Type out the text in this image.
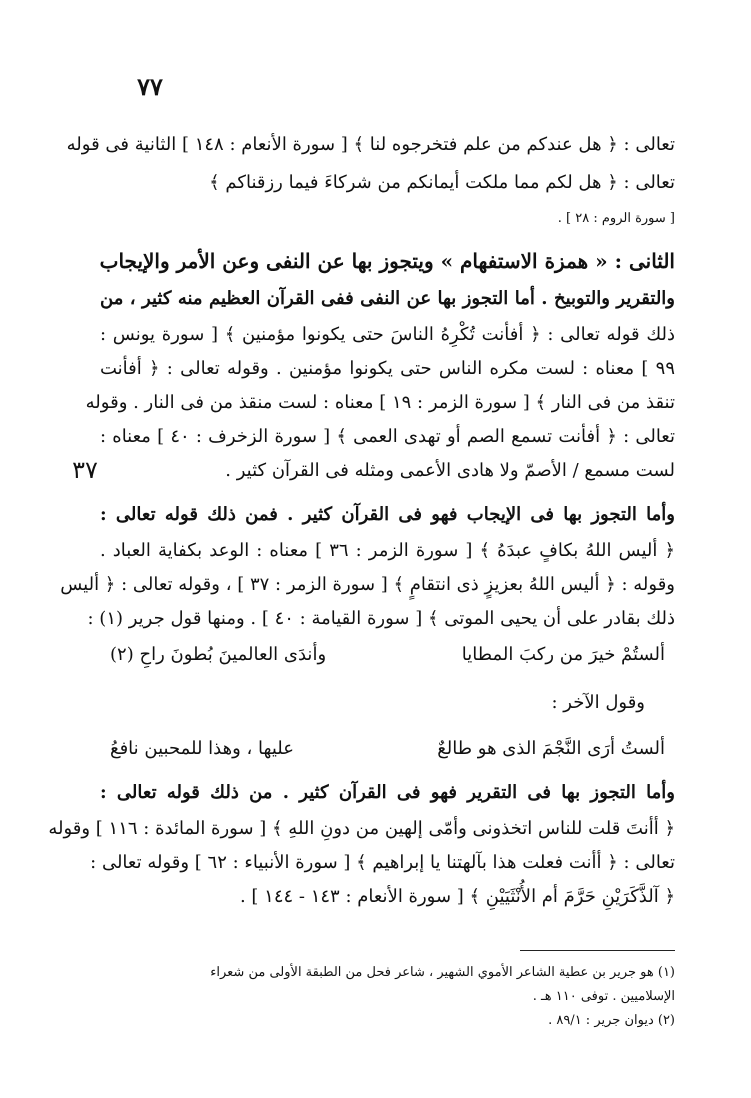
٧٧
٣٧
تعالى : ﴿ هل عندكم من علم فتخرجوه لنا ﴾ [ سورة الأنعام : ١٤٨ ] الثانية فى قوله
تعالى : ﴿ هل لكم مما ملكت أيمانكم من شركاءَ فيما رزقناكم ﴾
[ سورة الروم : ٢٨ ] .
الثانى : « همزة الاستفهام » ويتجوز بها عن النفى وعن الأمر والإيجاب
والتقرير والتوبيخ . أما التجوز بها عن النفى ففى القرآن العظيم منه كثير ، من
ذلك قوله تعالى : ﴿ أفأنت تُكْرِهُ الناسَ حتى يكونوا مؤمنين ﴾ [ سورة يونس :
٩٩ ] معناه : لست مكره الناس حتى يكونوا مؤمنين . وقوله تعالى : ﴿ أفأنت
تنقذ من فى النار ﴾ [ سورة الزمر : ١٩ ] معناه : لست منقذ من فى النار . وقوله
تعالى : ﴿ أفأنت تسمع الصم أو تهدى العمى ﴾ [ سورة الزخرف : ٤٠ ] معناه :
لست مسمع / الأصمّ ولا هادى الأعمى ومثله فى القرآن كثير .
وأما التجوز بها فى الإيجاب فهو فى القرآن كثير . فمن ذلك قوله تعالى :
﴿ أليس اللهُ بكافٍ عبدَهُ ﴾ [ سورة الزمر : ٣٦ ] معناه : الوعد بكفاية العباد .
وقوله : ﴿ أليس اللهُ بعزيزٍ ذى انتقامٍ ﴾ [ سورة الزمر : ٣٧ ] ، وقوله تعالى : ﴿ أليس
ذلك بقادر على أن يحيى الموتى ﴾ [ سورة القيامة : ٤٠ ] . ومنها قول جرير (١) :
ألستُمْ خيرَ من ركبَ المطايا
وأندَى العالمينَ بُطونَ راحِ (٢)
وقول الآخر :
ألستُ أرَى النَّجْمَ الذى هو طالعٌ
عليها ، وهذا للمحبين نافعُ
وأما التجوز بها فى التقرير فهو فى القرآن كثير . من ذلك قوله تعالى :
﴿ أأنتَ قلت للناس اتخذونى وأمّى إلهين من دونِ اللهِ ﴾ [ سورة المائدة : ١١٦ ] وقوله
تعالى : ﴿ أأنت فعلت هذا بآلهتنا يا إبراهيم ﴾ [ سورة الأنبياء : ٦٢ ] وقوله تعالى :
﴿ آلذَّكَرَيْنِ حَرَّمَ أم الأُنْثَيَيْنِ ﴾ [ سورة الأنعام : ١٤٣ - ١٤٤ ] .
(١) هو جرير بن عطية الشاعر الأموي الشهير ، شاعر فحل من الطبقة الأولى من شعراء
الإسلاميين . توفى ١١٠ هـ .
(٢) ديوان جرير : ٨٩/١ .
